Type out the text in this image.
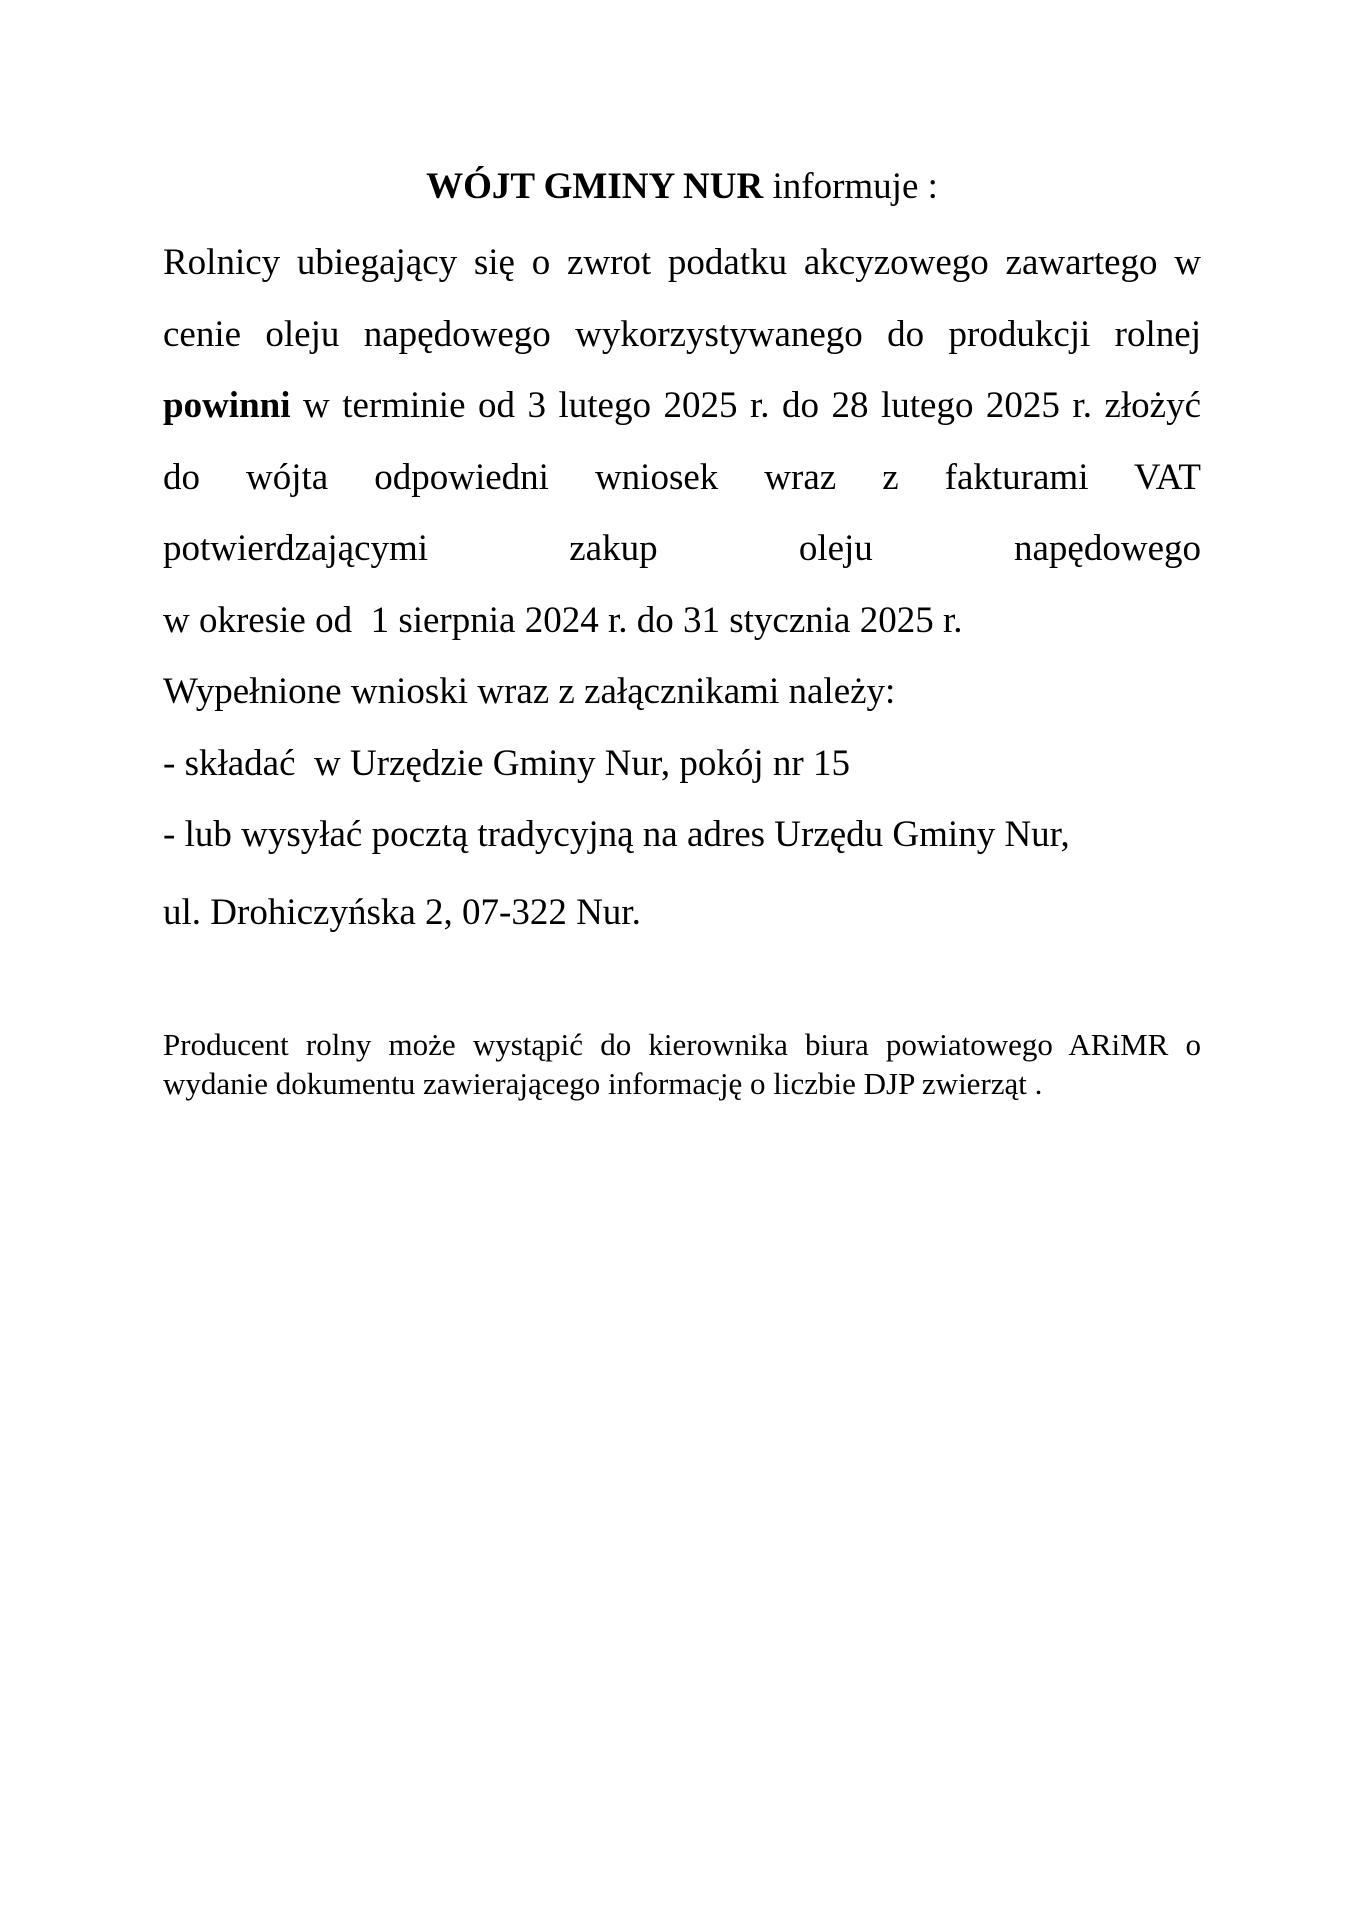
WÓJT GMINY NUR informuje :

Rolnicy ubiegający się o zwrot podatku akcyzowego zawartego w cenie oleju napędowego wykorzystywanego do produkcji rolnej powinni w terminie od 3 lutego 2025 r. do 28 lutego 2025 r. złożyć do wójta odpowiedni wniosek wraz z fakturami VAT potwierdzającymi zakup oleju napędowego

w okresie od  1 sierpnia 2024 r. do 31 stycznia 2025 r.
Wypełnione wnioski wraz z załącznikami należy:
- składać  w Urzędzie Gminy Nur, pokój nr 15
- lub wysyłać pocztą tradycyjną na adres Urzędu Gminy Nur,
ul. Drohiczyńska 2, 07-322 Nur.

Producent rolny może wystąpić do kierownika biura powiatowego ARiMR o wydanie dokumentu zawierającego informację o liczbie DJP zwierząt .
